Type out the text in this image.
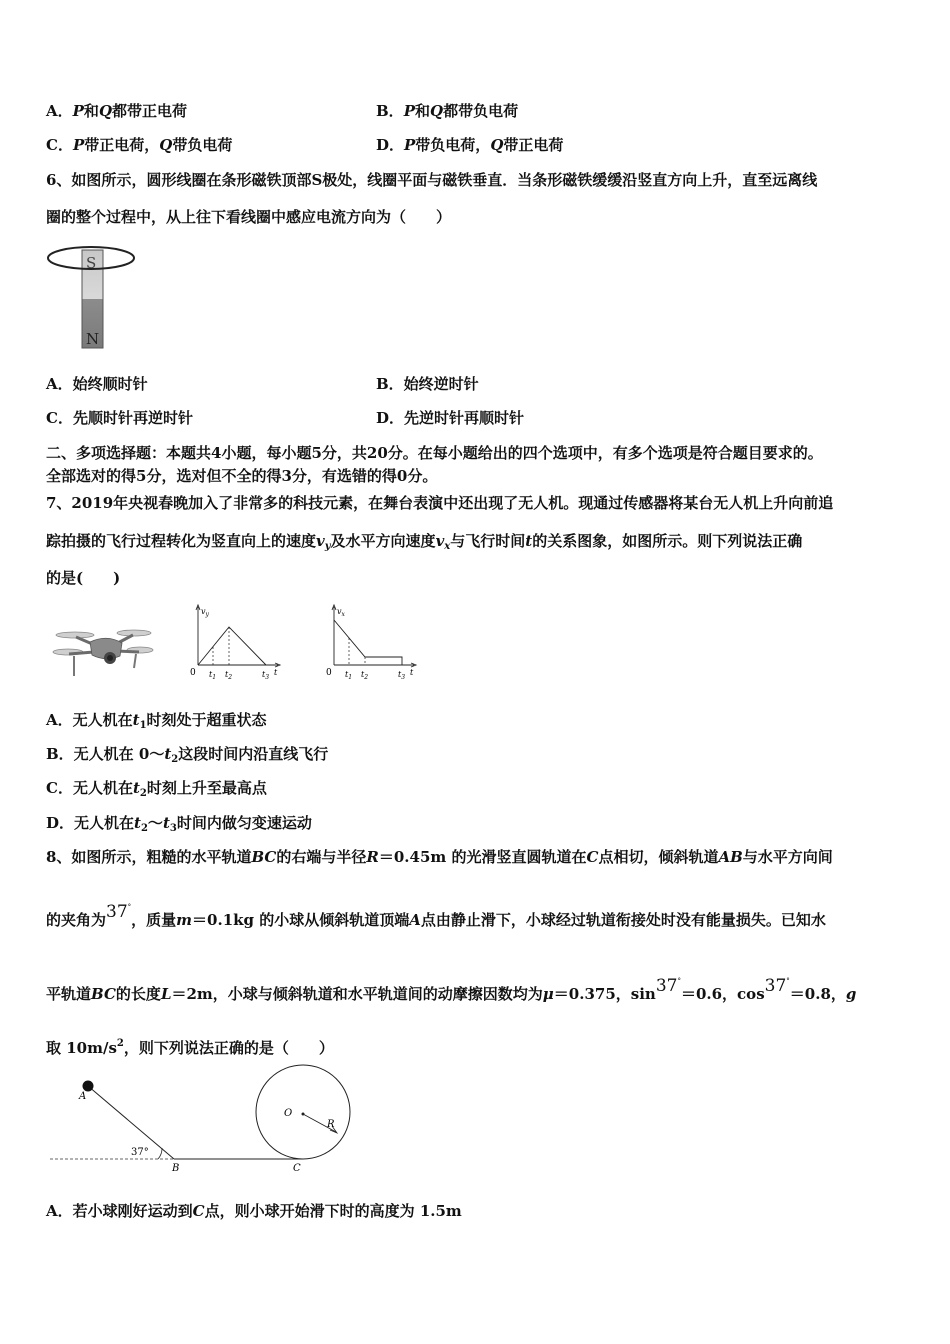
A．P和Q都带正电荷	B．P和Q都带负电荷
C．P带正电荷，Q带负电荷	D．P带负电荷，Q带正电荷
6、如图所示，圆形线圈在条形磁铁顶部S极处，线圈平面与磁铁垂直．当条形磁铁缓缓沿竖直方向上升，直至远离线
圈的整个过程中，从上往下看线圈中感应电流方向为（　　）
S
N
A．始终顺时针	B．始终逆时针
C．先顺时针再逆时针	D．先逆时针再顺时针
二、多项选择题：本题共4小题，每小题5分，共20分。在每小题给出的四个选项中，有多个选项是符合题目要求的。
全部选对的得5分，选对但不全的得3分，有选错的得0分。
7、2019年央视春晚加入了非常多的科技元素，在舞台表演中还出现了无人机。现通过传感器将某台无人机上升向前追
踪拍摄的飞行过程转化为竖直向上的速度$v_y$及水平方向速度$v_x$与飞行时间t的关系图象，如图所示。则下列说法正确
的是(　　)
$v_y$
0 $t_1$ $t_2$	$t_3$
t
$v_x$
0 $t_1$ $t_2$	$t_3$
t
A．无人机在$t_1$时刻处于超重状态
B．无人机在 $0\sim t_2$这段时间内沿直线飞行
C．无人机在$t_2$时刻上升至最高点
D．无人机在$t_2\sim t_3$时间内做匀变速运动
8、如图所示，粗糙的水平轨道BC的右端与半径R＝0.45m 的光滑竖直圆轨道在C点相切，倾斜轨道AB与水平方向间
的夹角为37°，质量m＝0.1kg 的小球从倾斜轨道顶端A点由静止滑下，小球经过轨道衔接处时没有能量损失。已知水
平轨道BC的长度L＝2m，小球与倾斜轨道和水平轨道间的动摩擦因数均为μ＝0.375，sin37°＝0.6，cos37°＝0.8，g
取 $10m/s^2$，则下列说法正确的是（　　）
A
B	C
O
R
37°
A．若小球刚好运动到C点，则小球开始滑下时的高度为 1.5m
